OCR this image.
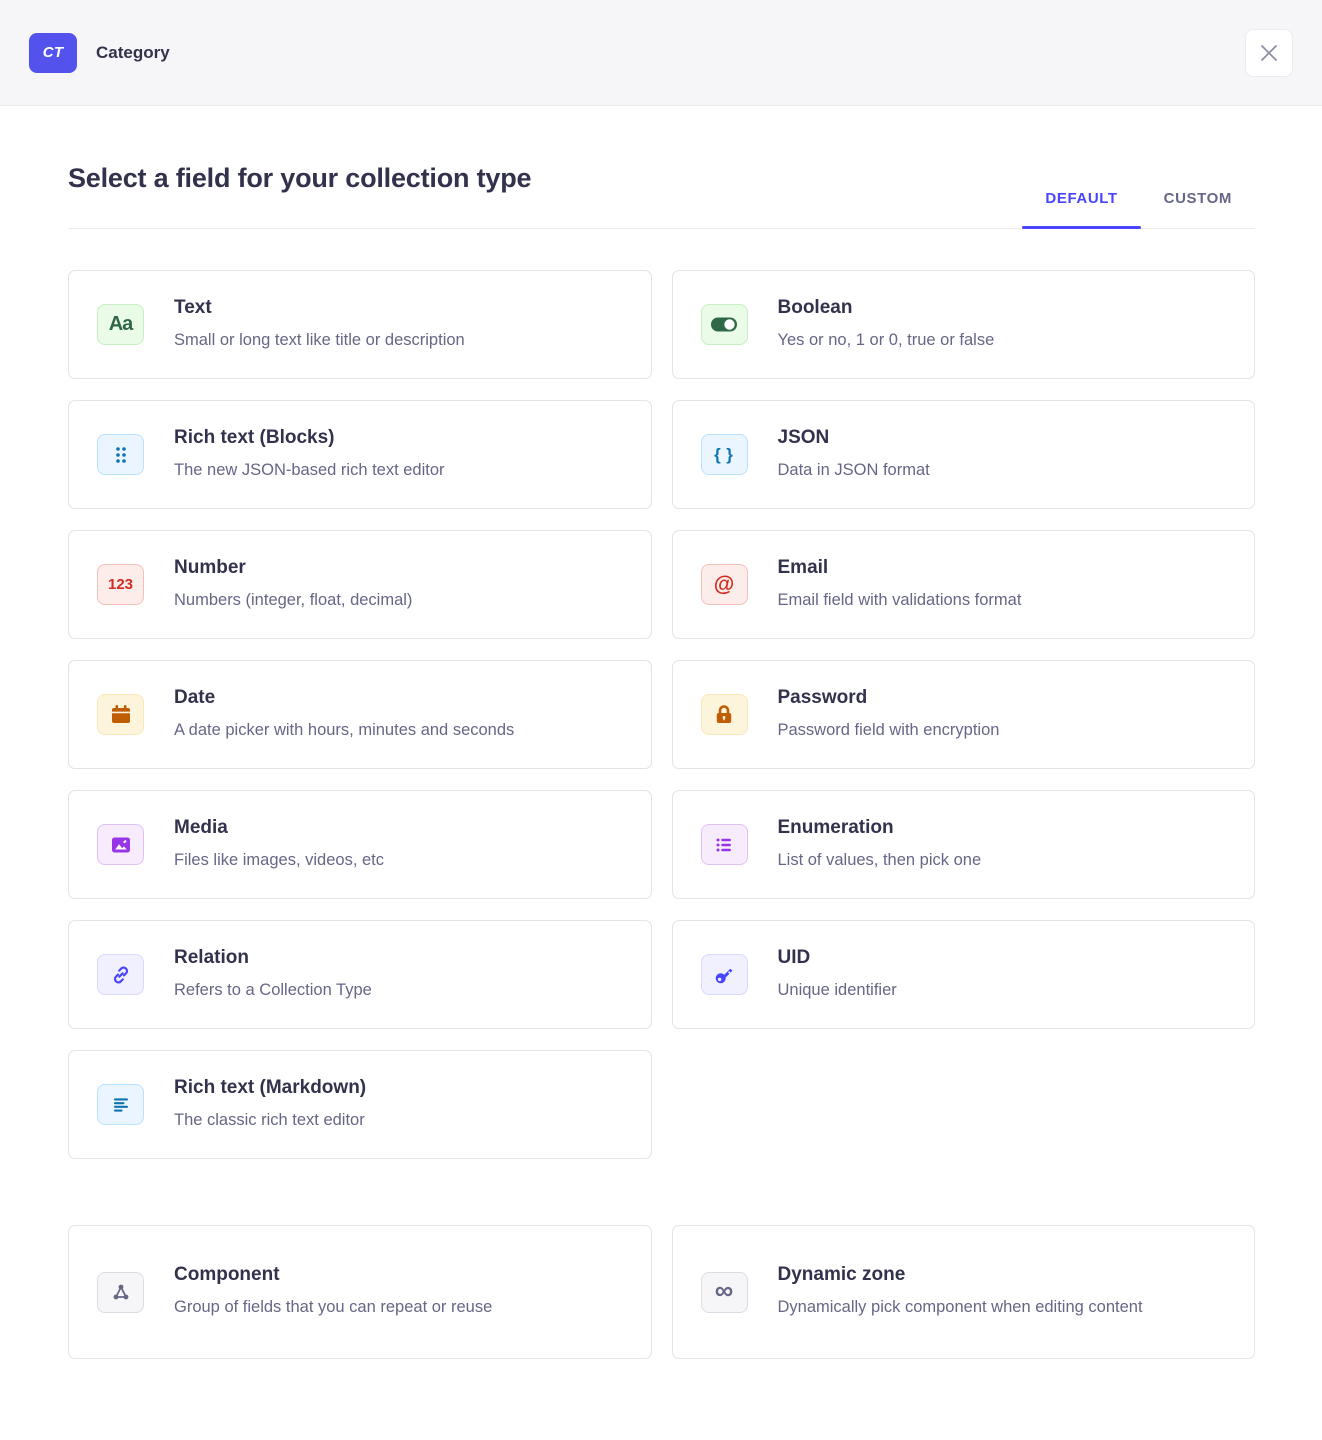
CT	Category
Select a field for your collection type
DEFAULT	CUSTOM
Aa
Text
Small or long text like title or description
Boolean
Yes or no, 1 or 0, true or false
Rich text (Blocks)
The new JSON-based rich text editor
{ }
JSON
Data in JSON format
123
Number
Numbers (integer, float, decimal)
@
Email
Email field with validations format
Date
A date picker with hours, minutes and seconds
Password
Password field with encryption
Media
Files like images, videos, etc
Enumeration
List of values, then pick one
Relation
Refers to a Collection Type
UID
Unique identifier
Rich text (Markdown)
The classic rich text editor
Component
Group of fields that you can repeat or reuse
∞
Dynamic zone
Dynamically pick component when editing content
